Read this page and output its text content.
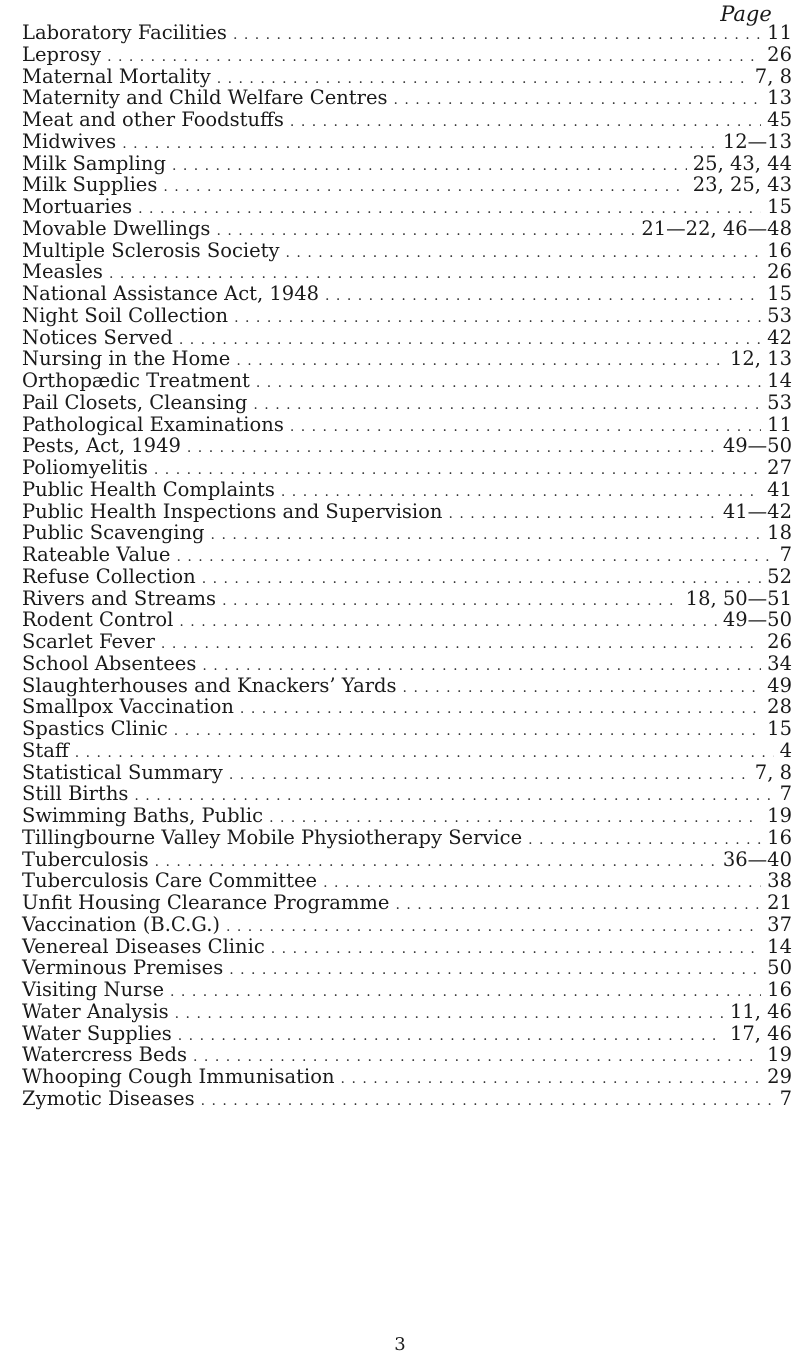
Page
Laboratory Facilities . . .	11
Leprosy . . .	26
Maternal Mortality . . .	7, 8
Maternity and Child Welfare Centres . . .	13
Meat and other Foodstuffs . . .	45
Midwives . . .	12—13
Milk Sampling . . .	25, 43, 44
Milk Supplies . . .	23, 25, 43
Mortuaries . . .	15
Movable Dwellings . . .	21—22, 46—48
Multiple Sclerosis Society . . .	16
Measles . . .	26
National Assistance Act, 1948 . . .	15
Night Soil Collection . . .	53
Notices Served . . .	42
Nursing in the Home . . .	12, 13
Orthopædic Treatment . . .	14
Pail Closets, Cleansing . . .	53
Pathological Examinations . . .	11
Pests, Act, 1949 . . .	49—50
Poliomyelitis . . .	27
Public Health Complaints . . .	41
Public Health Inspections and Supervision . . .	41—42
Public Scavenging . . .	18
Rateable Value . . .	7
Refuse Collection . . .	52
Rivers and Streams . . .	18, 50—51
Rodent Control . . .	49—50
Scarlet Fever . . .	26
School Absentees . . .	34
Slaughterhouses and Knackers’ Yards . . .	49
Smallpox Vaccination . . .	28
Spastics Clinic . . .	15
Staff . . .	4
Statistical Summary . . .	7, 8
Still Births . . .	7
Swimming Baths, Public . . .	19
Tillingbourne Valley Mobile Physiotherapy Service . . .	16
Tuberculosis . . .	36—40
Tuberculosis Care Committee . . .	38
Unfit Housing Clearance Programme . . .	21
Vaccination (B.C.G.) . . .	37
Venereal Diseases Clinic . . .	14
Verminous Premises . . .	50
Visiting Nurse . . .	16
Water Analysis . . .	11, 46
Water Supplies . . .	17, 46
Watercress Beds . . .	19
Whooping Cough Immunisation . . .	29
Zymotic Diseases . . .	7
3
